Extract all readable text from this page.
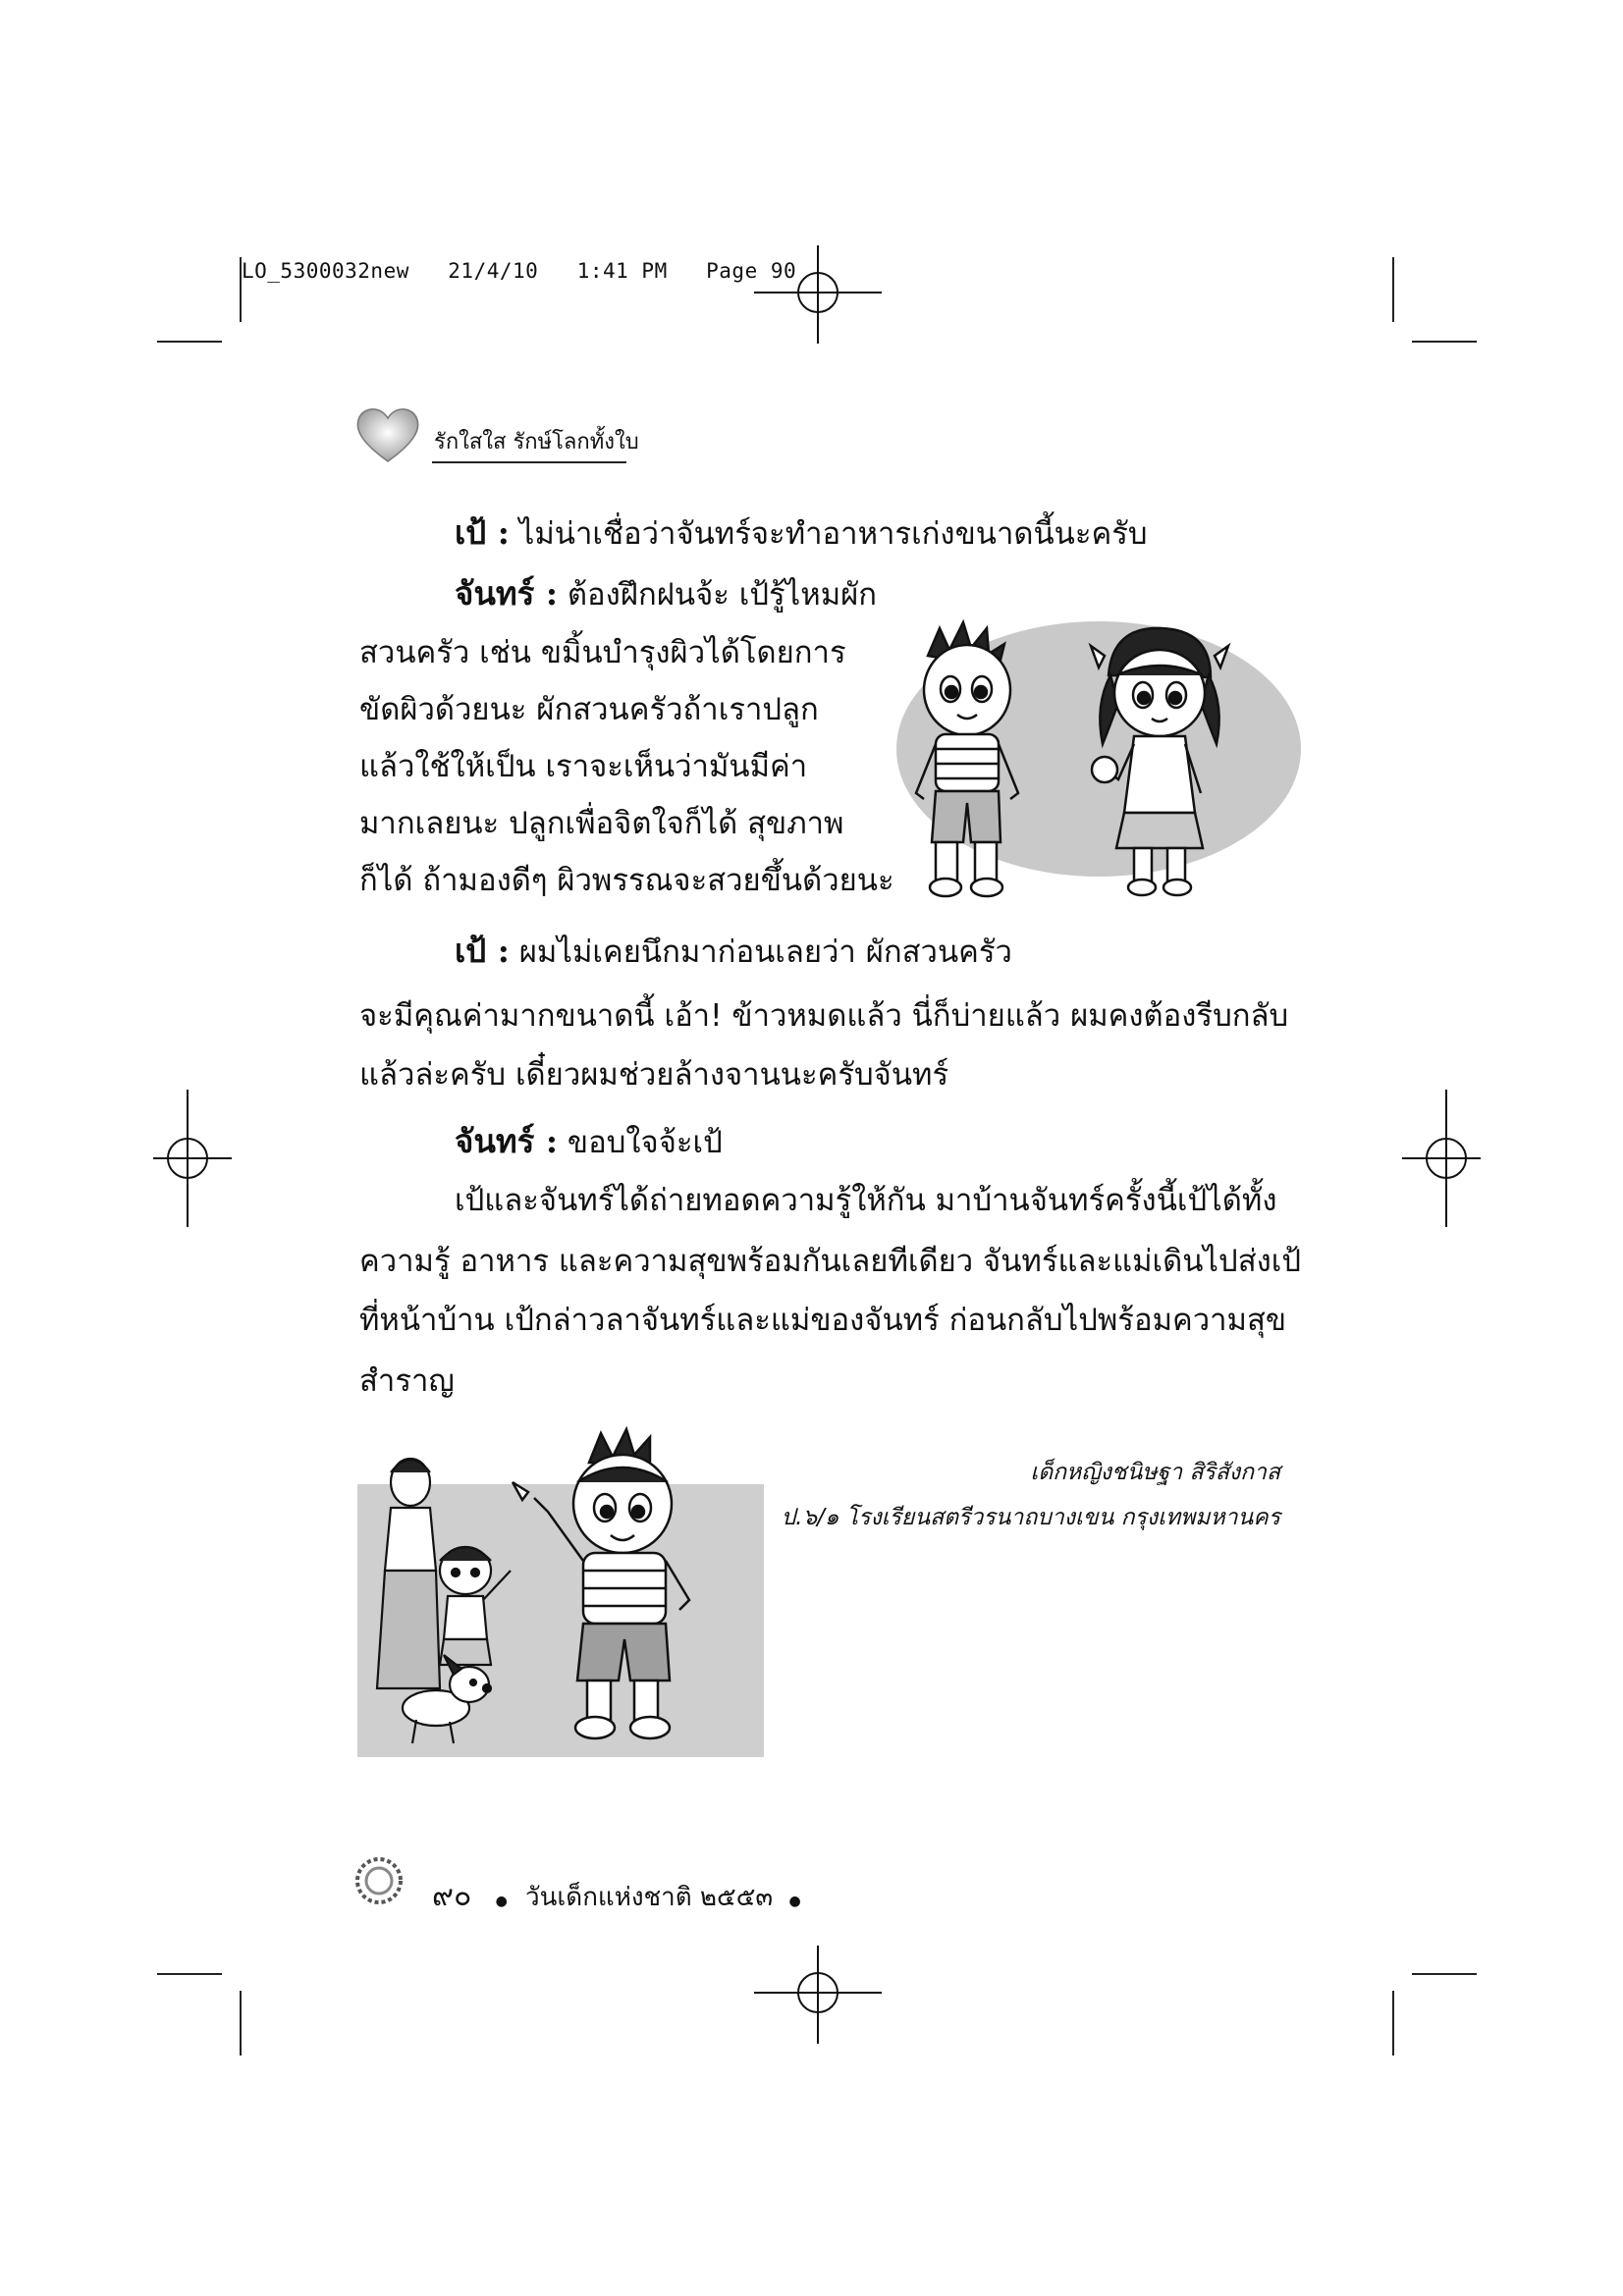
LO_5300032new   21/4/10   1:41 PM   Page 90
รักใสใส รักษ์โลกทั้งใบ
เป้ : ไม่น่าเชื่อว่าจันทร์จะทำอาหารเก่งขนาดนี้นะครับ
จันทร์ : ต้องฝึกฝนจ้ะ เป้รู้ไหมผัก
สวนครัว เช่น ขมิ้นบำรุงผิวได้โดยการ
ขัดผิวด้วยนะ ผักสวนครัวถ้าเราปลูก
แล้วใช้ให้เป็น เราจะเห็นว่ามันมีค่า
มากเลยนะ ปลูกเพื่อจิตใจก็ได้ สุขภาพ
ก็ได้ ถ้ามองดีๆ ผิวพรรณจะสวยขึ้นด้วยนะ
เป้ : ผมไม่เคยนึกมาก่อนเลยว่า ผักสวนครัว
จะมีคุณค่ามากขนาดนี้ เอ้า! ข้าวหมดแล้ว นี่ก็บ่ายแล้ว ผมคงต้องรีบกลับ
แล้วล่ะครับ เดี๋ยวผมช่วยล้างจานนะครับจันทร์
จันทร์ : ขอบใจจ้ะเป้
เป้และจันทร์ได้ถ่ายทอดความรู้ให้กัน มาบ้านจันทร์ครั้งนี้เป้ได้ทั้ง
ความรู้ อาหาร และความสุขพร้อมกันเลยทีเดียว จันทร์และแม่เดินไปส่งเป้
ที่หน้าบ้าน เป้กล่าวลาจันทร์และแม่ของจันทร์ ก่อนกลับไปพร้อมความสุข
สำราญ
เด็กหญิงชนิษฐา สิริสังกาส
ป.๖/๑ โรงเรียนสตรีวรนาถบางเขน กรุงเทพมหานคร
๙๐ ● วันเด็กแห่งชาติ ๒๕๕๓ ●
